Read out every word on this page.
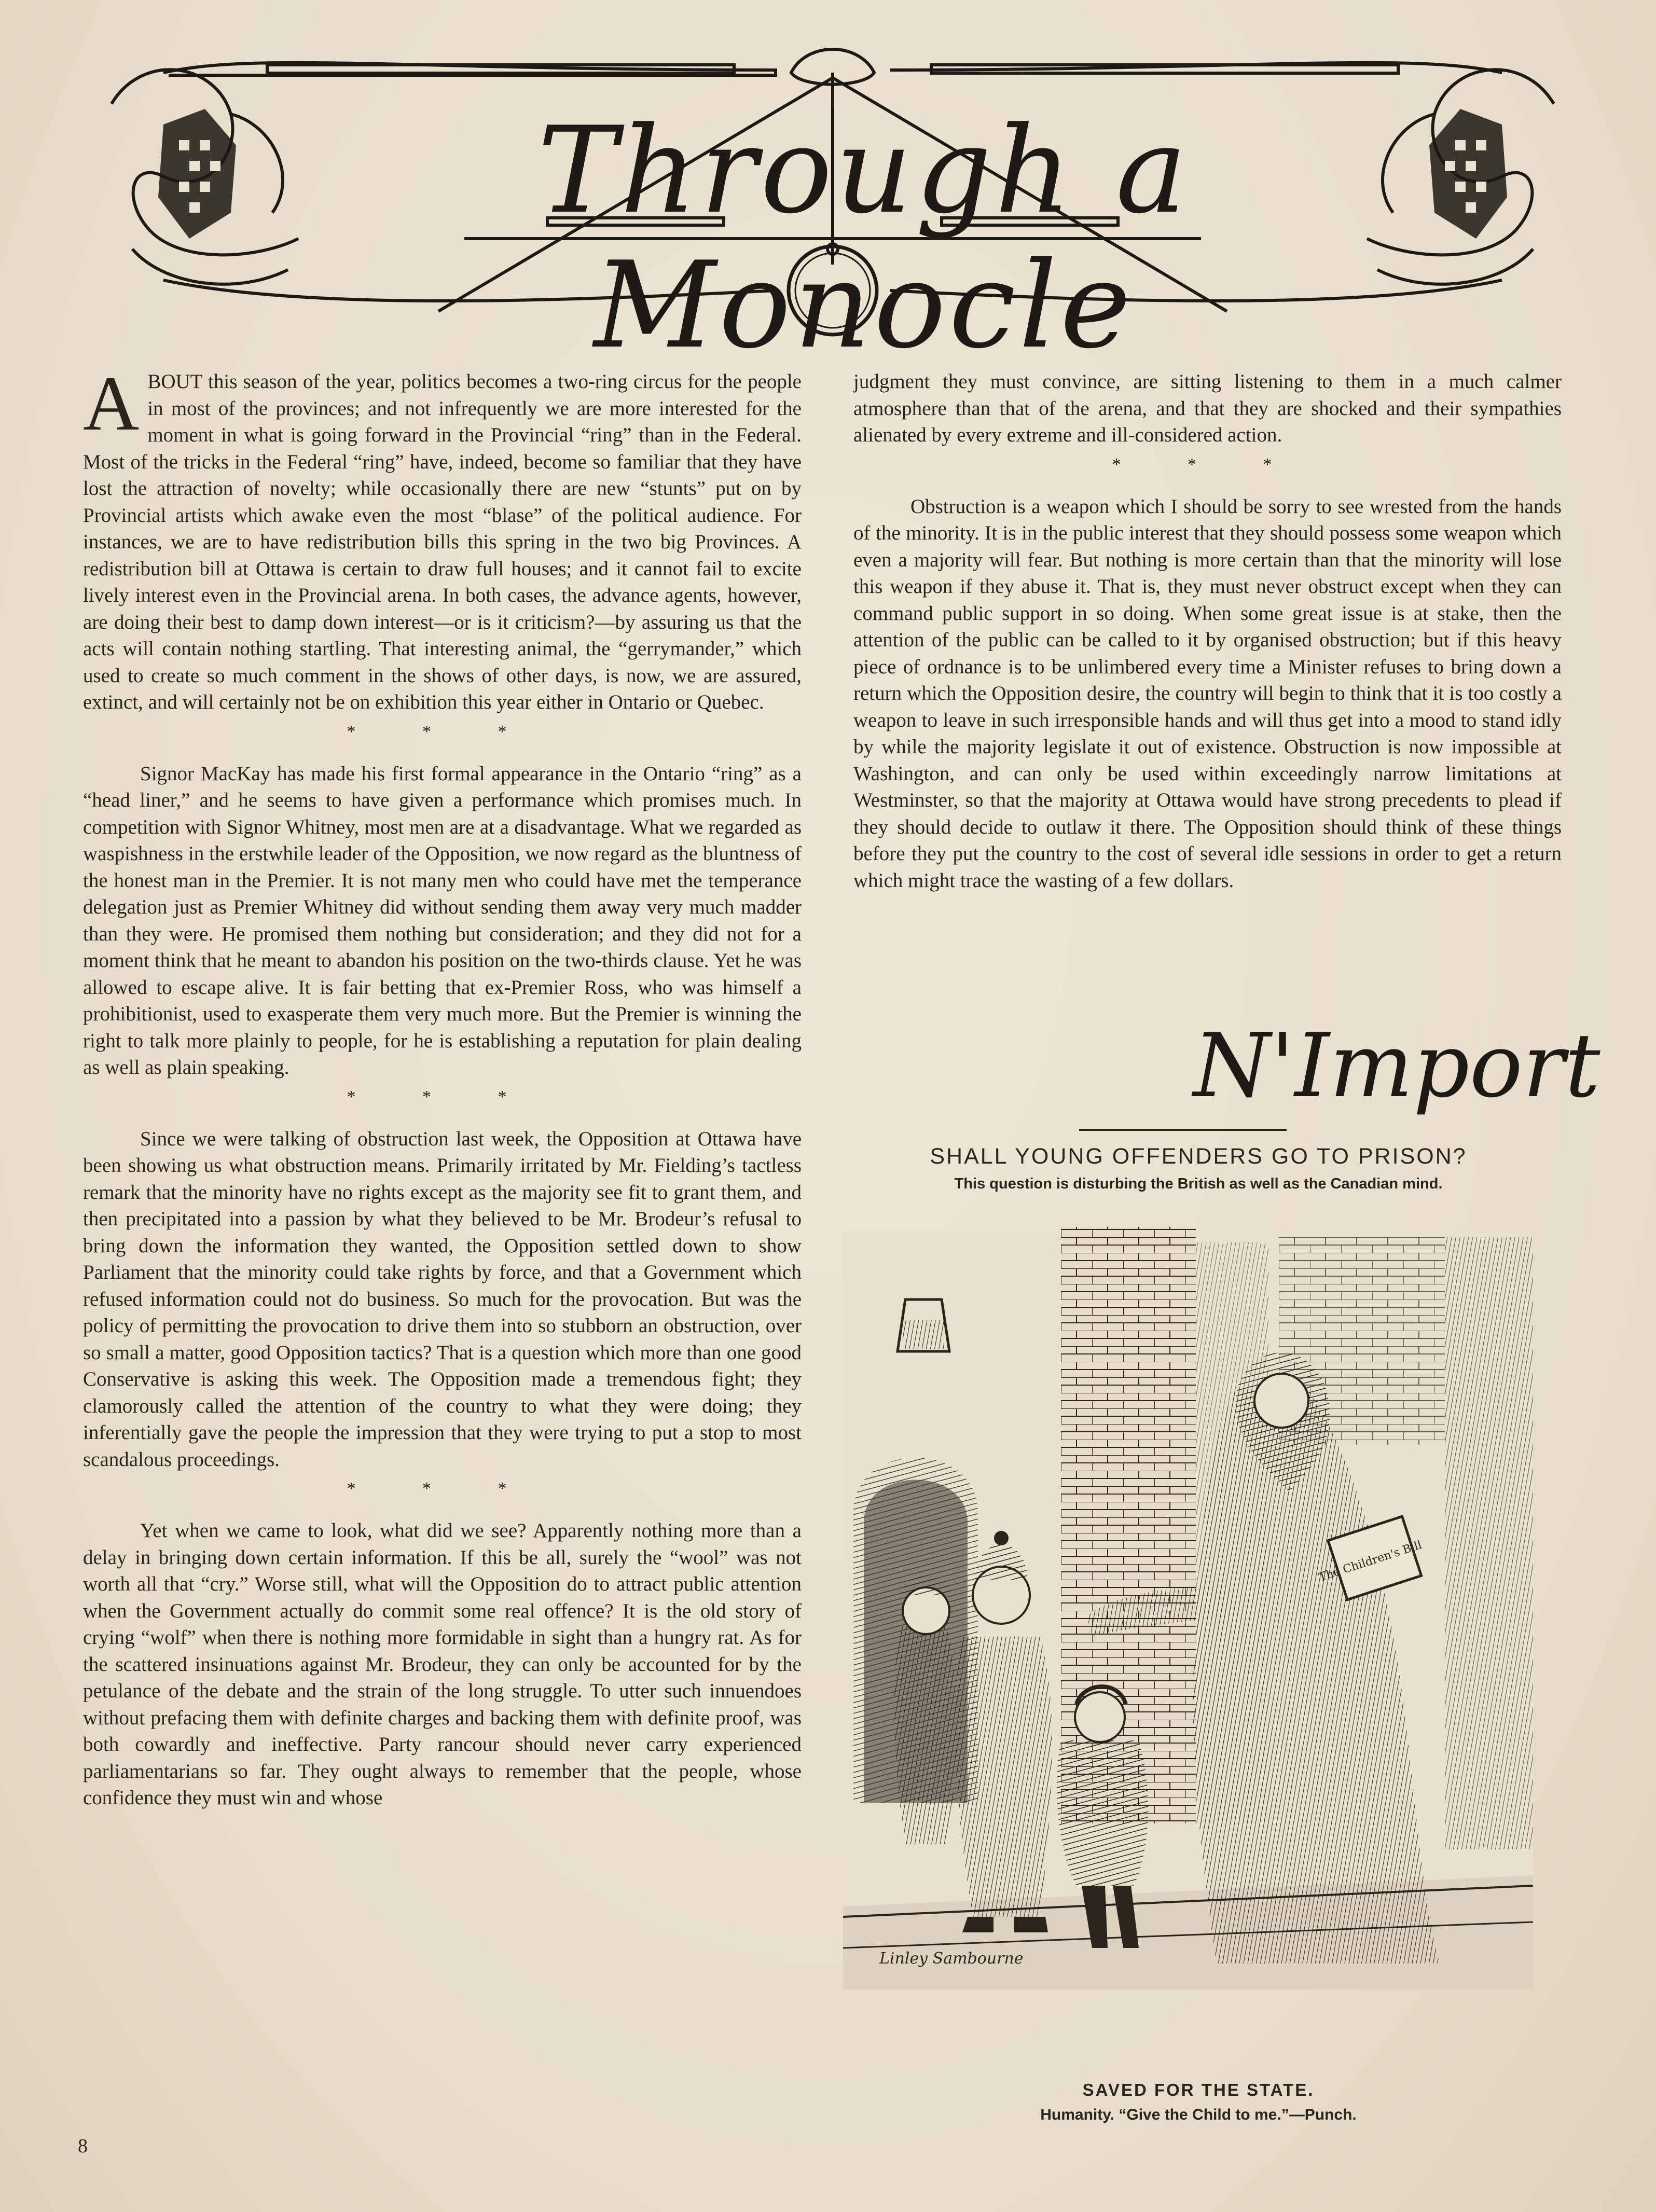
Through a Monocle

ABOUT this season of the year, politics becomes a two-ring circus for the people in most of the provinces; and not infrequently we are more interested for the moment in what is going forward in the Provincial “ring” than in the Federal. Most of the tricks in the Federal “ring” have, indeed, become so familiar that they have lost the attraction of novelty; while occasionally there are new “stunts” put on by Provincial artists which awake even the most “blase” of the political audience. For instances, we are to have redistribution bills this spring in the two big Provinces. A redistribution bill at Ottawa is certain to draw full houses; and it cannot fail to excite lively interest even in the Provincial arena. In both cases, the advance agents, however, are doing their best to damp down interest—or is it criticism?—by assuring us that the acts will contain nothing startling. That interesting animal, the “gerrymander,” which used to create so much comment in the shows of other days, is now, we are assured, extinct, and will certainly not be on exhibition this year either in Ontario or Quebec.

* * *

Signor MacKay has made his first formal appearance in the Ontario “ring” as a “head liner,” and he seems to have given a performance which promises much. In competition with Signor Whitney, most men are at a disadvantage. What we regarded as waspishness in the erstwhile leader of the Opposition, we now regard as the bluntness of the honest man in the Premier. It is not many men who could have met the temperance delegation just as Premier Whitney did without sending them away very much madder than they were. He promised them nothing but consideration; and they did not for a moment think that he meant to abandon his position on the two-thirds clause. Yet he was allowed to escape alive. It is fair betting that ex-Premier Ross, who was himself a prohibitionist, used to exasperate them very much more. But the Premier is winning the right to talk more plainly to people, for he is establishing a reputation for plain dealing as well as plain speaking.

* * *

Since we were talking of obstruction last week, the Opposition at Ottawa have been showing us what obstruction means. Primarily irritated by Mr. Fielding’s tactless remark that the minority have no rights except as the majority see fit to grant them, and then precipitated into a passion by what they believed to be Mr. Brodeur’s refusal to bring down the information they wanted, the Opposition settled down to show Parliament that the minority could take rights by force, and that a Government which refused information could not do business. So much for the provocation. But was the policy of permitting the provocation to drive them into so stubborn an obstruction, over so small a matter, good Opposition tactics? That is a question which more than one good Conservative is asking this week. The Opposition made a tremendous fight; they clamorously called the attention of the country to what they were doing; they inferentially gave the people the impression that they were trying to put a stop to most scandalous proceedings.

* * *

Yet when we came to look, what did we see? Apparently nothing more than a delay in bringing down certain information. If this be all, surely the “wool” was not worth all that “cry.” Worse still, what will the Opposition do to attract public attention when the Government actually do commit some real offence? It is the old story of crying “wolf” when there is nothing more formidable in sight than a hungry rat. As for the scattered insinuations against Mr. Brodeur, they can only be accounted for by the petulance of the debate and the strain of the long struggle. To utter such innuendoes without prefacing them with definite charges and backing them with definite proof, was both cowardly and ineffective. Party rancour should never carry experienced parliamentarians so far. They ought always to remember that the people, whose confidence they must win and whose

judgment they must convince, are sitting listening to them in a much calmer atmosphere than that of the arena, and that they are shocked and their sympathies alienated by every extreme and ill-considered action.

* * *

Obstruction is a weapon which I should be sorry to see wrested from the hands of the minority. It is in the public interest that they should possess some weapon which even a majority will fear. But nothing is more certain than that the minority will lose this weapon if they abuse it. That is, they must never obstruct except when they can command public support in so doing. When some great issue is at stake, then the attention of the public can be called to it by organised obstruction; but if this heavy piece of ordnance is to be unlimbered every time a Minister refuses to bring down a return which the Opposition desire, the country will begin to think that it is too costly a weapon to leave in such irresponsible hands and will thus get into a mood to stand idly by while the majority legislate it out of existence. Obstruction is now impossible at Washington, and can only be used within exceedingly narrow limitations at Westminster, so that the majority at Ottawa would have strong precedents to plead if they should decide to outlaw it there. The Opposition should think of these things before they put the country to the cost of several idle sessions in order to get a return which might trace the wasting of a few dollars.

N'Import
SHALL YOUNG OFFENDERS GO TO PRISON?
This question is disturbing the British as well as the Canadian mind.
The Children's Bill
Linley Sambourne
SAVED FOR THE STATE.
Humanity. “Give the Child to me.”—Punch.
8
